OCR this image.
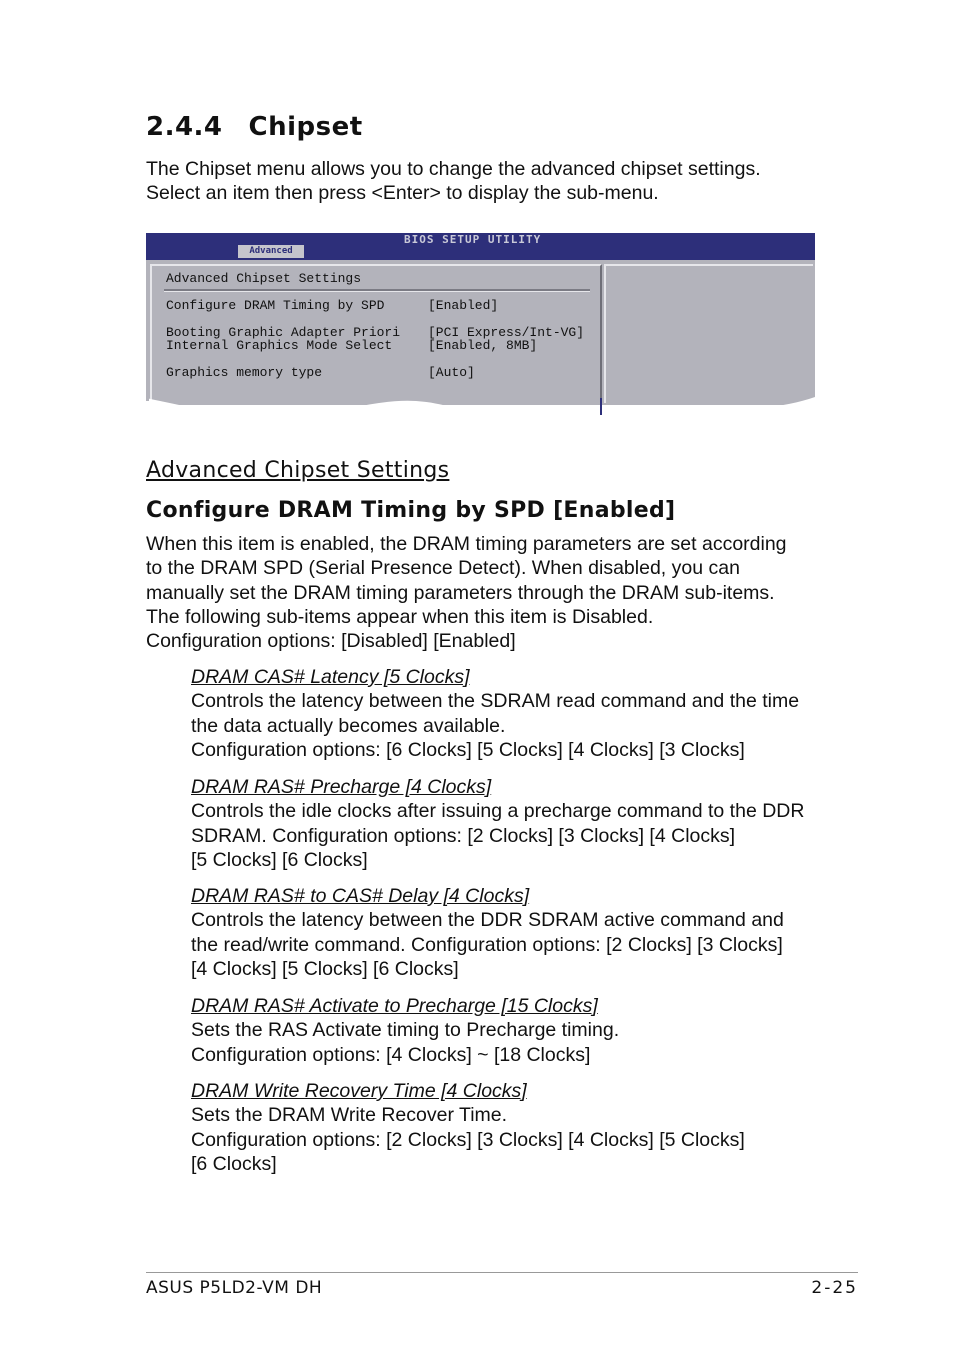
2.4.4 Chipset

The Chipset menu allows you to change the advanced chipset settings.
Select an item then press <Enter> to display the sub-menu.

BIOS SETUP UTILITY
Advanced
Advanced Chipset Settings
Configure DRAM Timing by SPD	[Enabled]
Booting Graphic Adapter Priori [PCI Express/Int-VG]
Internal Graphics Mode Select	[Enabled, 8MB]
Graphics memory type	[Auto]
Advanced Chipset Settings
Configure DRAM Timing by SPD [Enabled]

When this item is enabled, the DRAM timing parameters are set according
to the DRAM SPD (Serial Presence Detect). When disabled, you can
manually set the DRAM timing parameters through the DRAM sub-items.
The following sub-items appear when this item is Disabled.
Configuration options: [Disabled] [Enabled]

DRAM CAS# Latency [5 Clocks]
Controls the latency between the SDRAM read command and the time
the data actually becomes available.
Configuration options: [6 Clocks] [5 Clocks] [4 Clocks] [3 Clocks]
DRAM RAS# Precharge [4 Clocks]
Controls the idle clocks after issuing a precharge command to the DDR
SDRAM. Configuration options: [2 Clocks] [3 Clocks] [4 Clocks]
[5 Clocks] [6 Clocks]
DRAM RAS# to CAS# Delay [4 Clocks]
Controls the latency between the DDR SDRAM active command and
the read/write command. Configuration options: [2 Clocks] [3 Clocks]
[4 Clocks] [5 Clocks] [6 Clocks]
DRAM RAS# Activate to Precharge [15 Clocks]
Sets the RAS Activate timing to Precharge timing.
Configuration options: [4 Clocks] ~ [18 Clocks]
DRAM Write Recovery Time [4 Clocks]
Sets the DRAM Write Recover Time.
Configuration options: [2 Clocks] [3 Clocks] [4 Clocks] [5 Clocks]
[6 Clocks]
ASUS P5LD2-VM DH	2-25
